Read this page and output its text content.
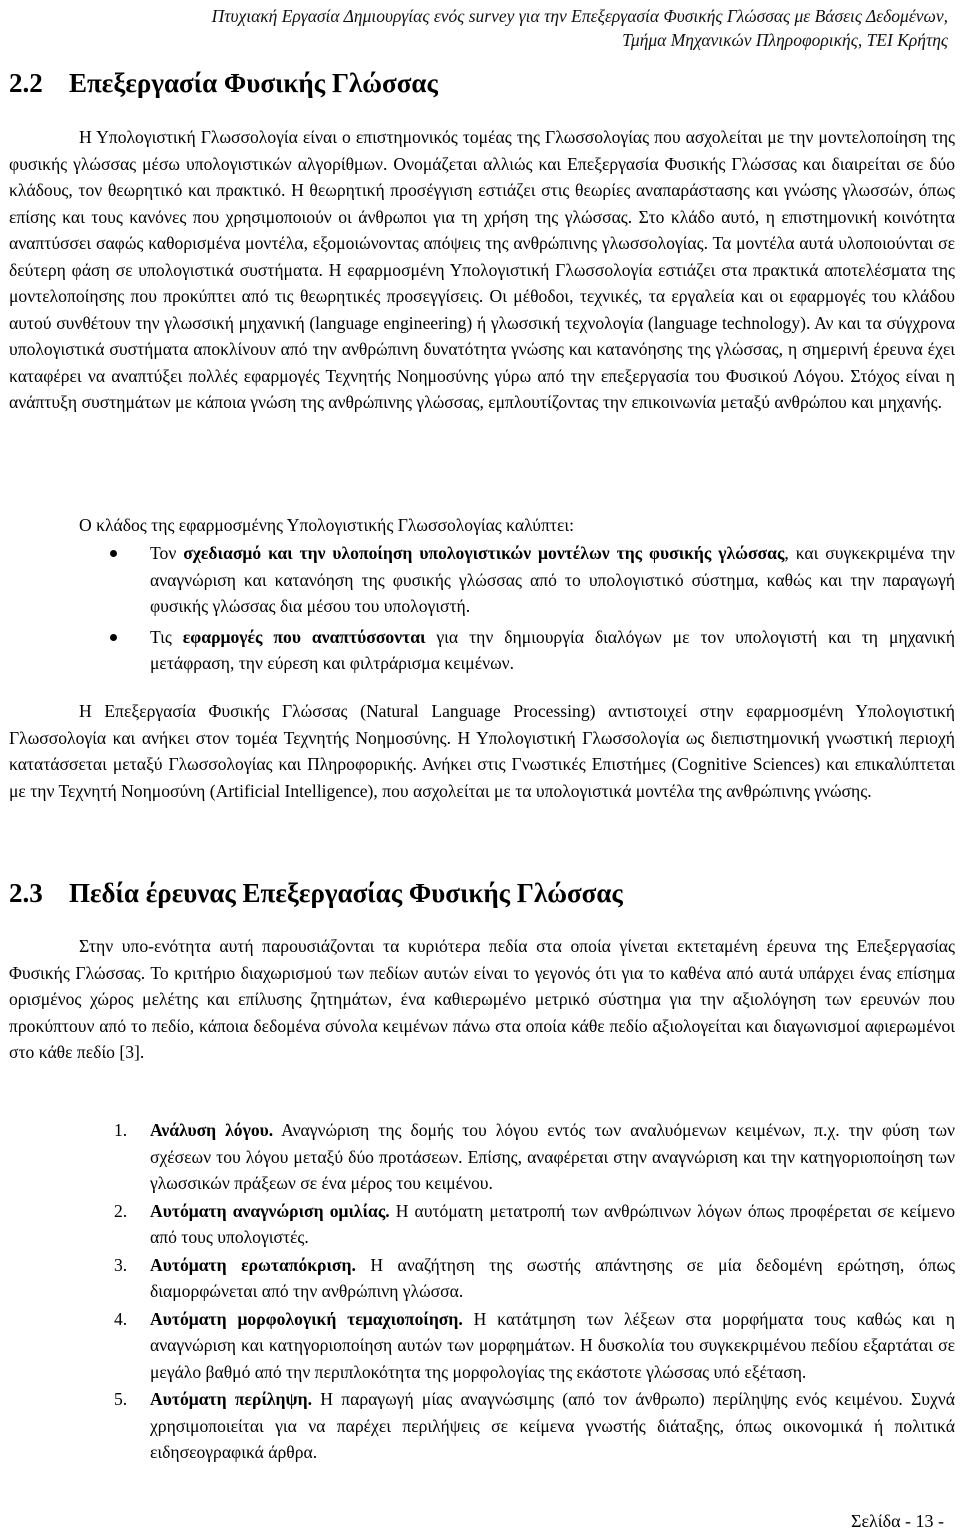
Πτυχιακή Εργασία Δημιουργίας ενός survey για την Επεξεργασία Φυσικής Γλώσσας με Βάσεις Δεδομένων,
Τμήμα Μηχανικών Πληροφορικής, ΤΕΙ Κρήτης
2.2 Επεξεργασία Φυσικής Γλώσσας

Η Υπολογιστική Γλωσσολογία είναι ο επιστημονικός τομέας της Γλωσσολογίας που ασχολείται με την μοντελοποίηση της φυσικής γλώσσας μέσω υπολογιστικών αλγορίθμων. Ονομάζεται αλλιώς και Επεξεργασία Φυσικής Γλώσσας και διαιρείται σε δύο κλάδους, τον θεωρητικό και πρακτικό. Η θεωρητική προσέγγιση εστιάζει στις θεωρίες αναπαράστασης και γνώσης γλωσσών, όπως επίσης και τους κανόνες που χρησιμοποιούν οι άνθρωποι για τη χρήση της γλώσσας. Στο κλάδο αυτό, η επιστημονική κοινότητα αναπτύσσει σαφώς καθορισμένα μοντέλα, εξομοιώνοντας απόψεις της ανθρώπινης γλωσσολογίας. Τα μοντέλα αυτά υλοποιούνται σε δεύτερη φάση σε υπολογιστικά συστήματα. Η εφαρμοσμένη Υπολογιστική Γλωσσολογία εστιάζει στα πρακτικά αποτελέσματα της μοντελοποίησης που προκύπτει από τις θεωρητικές προσεγγίσεις. Οι μέθοδοι, τεχνικές, τα εργαλεία και οι εφαρμογές του κλάδου αυτού συνθέτουν την γλωσσική μηχανική (language engineering) ή γλωσσική τεχνολογία (language technology). Αν και τα σύγχρονα υπολογιστικά συστήματα αποκλίνουν από την ανθρώπινη δυνατότητα γνώσης και κατανόησης της γλώσσας, η σημερινή έρευνα έχει καταφέρει να αναπτύξει πολλές εφαρμογές Τεχνητής Νοημοσύνης γύρω από την επεξεργασία του Φυσικού Λόγου. Στόχος είναι η ανάπτυξη συστημάτων με κάποια γνώση της ανθρώπινης γλώσσας, εμπλουτίζοντας την επικοινωνία μεταξύ ανθρώπου και μηχανής.

Ο κλάδος της εφαρμοσμένης Υπολογιστικής Γλωσσολογίας καλύπτει:

Τον σχεδιασμό και την υλοποίηση υπολογιστικών μοντέλων της φυσικής γλώσσας, και συγκεκριμένα την αναγνώριση και κατανόηση της φυσικής γλώσσας από το υπολογιστικό σύστημα, καθώς και την παραγωγή φυσικής γλώσσας δια μέσου του υπολογιστή.
Τις εφαρμογές που αναπτύσσονται για την δημιουργία διαλόγων με τον υπολογιστή και τη μηχανική μετάφραση, την εύρεση και φιλτράρισμα κειμένων.

Η Επεξεργασία Φυσικής Γλώσσας (Natural Language Processing) αντιστοιχεί στην εφαρμοσμένη Υπολογιστική Γλωσσολογία και ανήκει στον τομέα Τεχνητής Νοημοσύνης. Η Υπολογιστική Γλωσσολογία ως διεπιστημονική γνωστική περιοχή κατατάσσεται μεταξύ Γλωσσολογίας και Πληροφορικής. Ανήκει στις Γνωστικές Επιστήμες (Cognitive Sciences) και επικαλύπτεται με την Τεχνητή Νοημοσύνη (Artificial Intelligence), που ασχολείται με τα υπολογιστικά μοντέλα της ανθρώπινης γνώσης.

2.3 Πεδία έρευνας Επεξεργασίας Φυσικής Γλώσσας

Στην υπο-ενότητα αυτή παρουσιάζονται τα κυριότερα πεδία στα οποία γίνεται εκτεταμένη έρευνα της Επεξεργασίας Φυσικής Γλώσσας. Το κριτήριο διαχωρισμού των πεδίων αυτών είναι το γεγονός ότι για το καθένα από αυτά υπάρχει ένας επίσημα ορισμένος χώρος μελέτης και επίλυσης ζητημάτων, ένα καθιερωμένο μετρικό σύστημα για την αξιολόγηση των ερευνών που προκύπτουν από το πεδίο, κάποια δεδομένα σύνολα κειμένων πάνω στα οποία κάθε πεδίο αξιολογείται και διαγωνισμοί αφιερωμένοι στο κάθε πεδίο [3].

1. Ανάλυση λόγου. Αναγνώριση της δομής του λόγου εντός των αναλυόμενων κειμένων, π.χ. την φύση των σχέσεων του λόγου μεταξύ δύο προτάσεων. Επίσης, αναφέρεται στην αναγνώριση και την κατηγοριοποίηση των γλωσσικών πράξεων σε ένα μέρος του κειμένου.
2. Αυτόματη αναγνώριση ομιλίας. Η αυτόματη μετατροπή των ανθρώπινων λόγων όπως προφέρεται σε κείμενο από τους υπολογιστές.
3. Αυτόματη ερωταπόκριση. Η αναζήτηση της σωστής απάντησης σε μία δεδομένη ερώτηση, όπως διαμορφώνεται από την ανθρώπινη γλώσσα.
4. Αυτόματη μορφολογική τεμαχιοποίηση. Η κατάτμηση των λέξεων στα μορφήματα τους καθώς και η αναγνώριση και κατηγοριοποίηση αυτών των μορφημάτων. Η δυσκολία του συγκεκριμένου πεδίου εξαρτάται σε μεγάλο βαθμό από την περιπλοκότητα της μορφολογίας της εκάστοτε γλώσσας υπό εξέταση.
5. Αυτόματη περίληψη. Η παραγωγή μίας αναγνώσιμης (από τον άνθρωπο) περίληψης ενός κειμένου. Συχνά χρησιμοποιείται για να παρέχει περιλήψεις σε κείμενα γνωστής διάταξης, όπως οικονομικά ή πολιτικά ειδησεογραφικά άρθρα.
Σελίδα - 13 -
